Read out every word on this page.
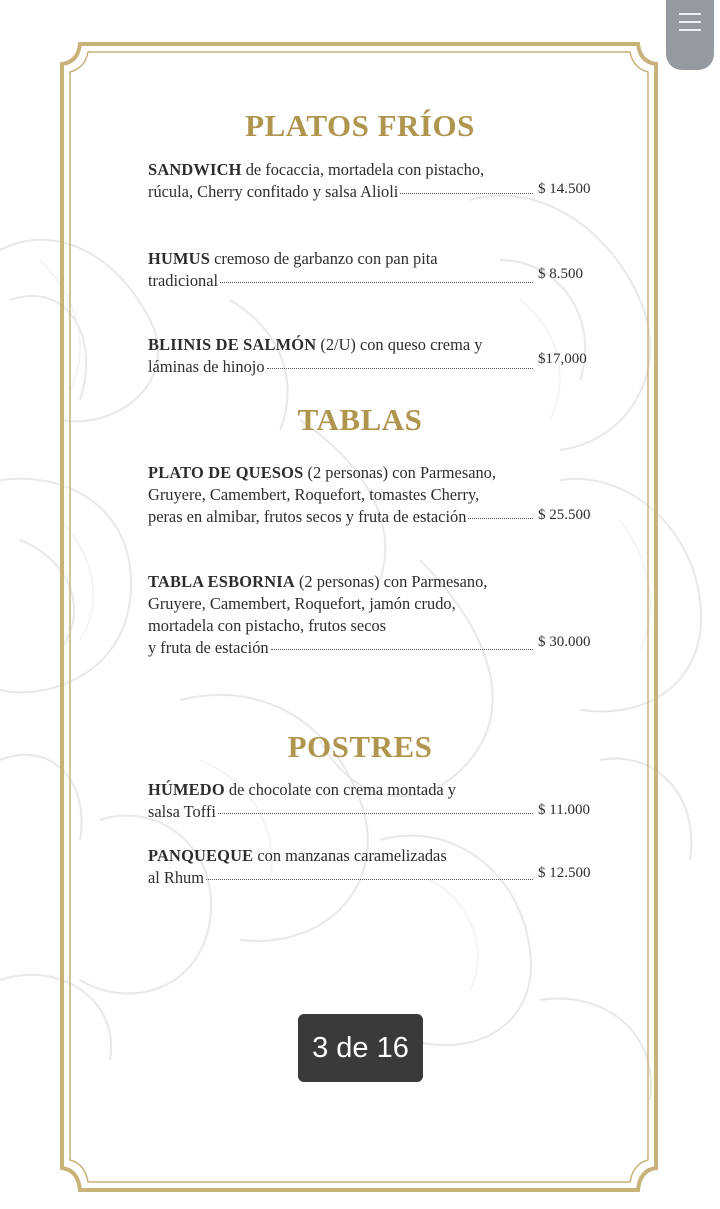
PLATOS FRÍOS
SANDWICH de focaccia, mortadela con pistacho,
rúcula, Cherry confitado y salsa Alioli	$ 14.500
HUMUS cremoso de garbanzo con pan pita
tradicional	$ 8.500
BLIINIS DE SALMÓN (2/U) con queso crema y
láminas de hinojo	$17,000
TABLAS
PLATO DE QUESOS (2 personas) con Parmesano,
Gruyere, Camembert, Roquefort, tomastes Cherry,
peras en almibar, frutos secos y fruta de estación	$ 25.500
TABLA ESBORNIA (2 personas) con Parmesano,
Gruyere, Camembert, Roquefort, jamón crudo,
mortadela con pistacho, frutos secos
y fruta de estación	$ 30.000
POSTRES
HÚMEDO de chocolate con crema montada y
salsa Toffi	$ 11.000
PANQUEQUE con manzanas caramelizadas
al Rhum	$ 12.500
3 de 16
